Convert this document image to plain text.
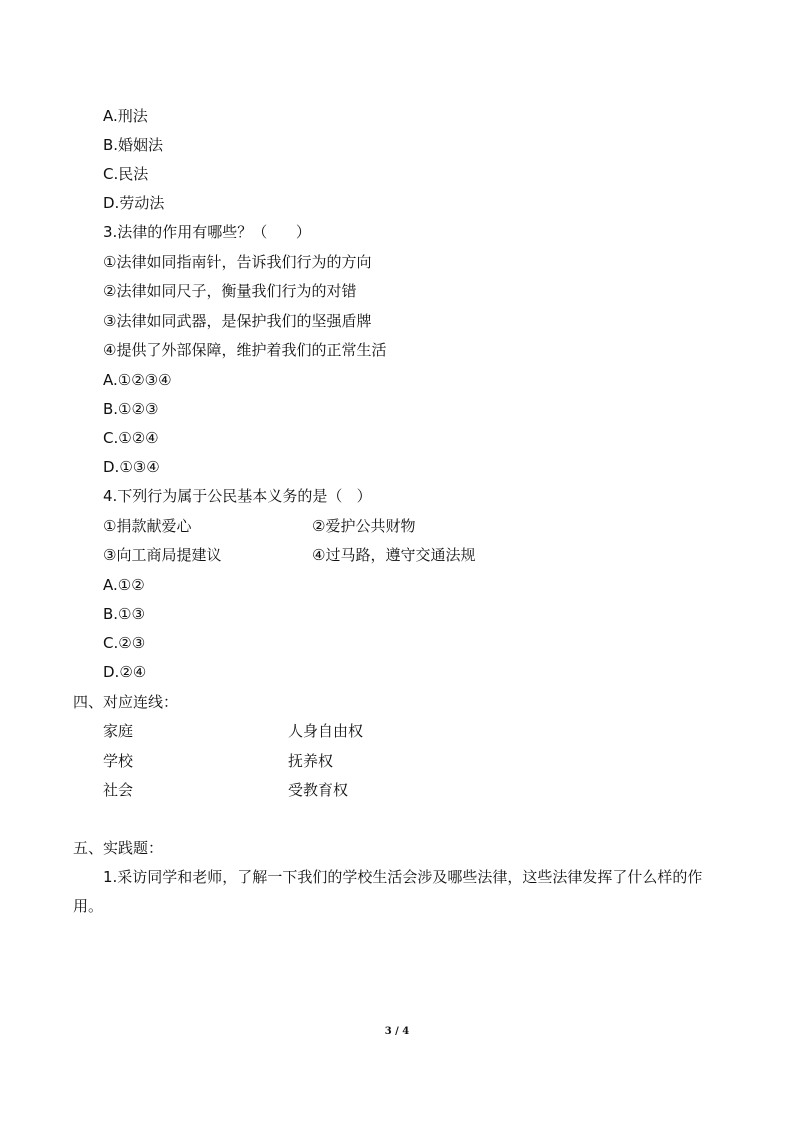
A.刑法
B.婚姻法
C.民法
D.劳动法
3.法律的作用有哪些？（      ）
①法律如同指南针，告诉我们行为的方向
②法律如同尺子，衡量我们行为的对错
③法律如同武器，是保护我们的坚强盾牌
④提供了外部保障，维护着我们的正常生活
A.①②③④
B.①②③
C.①②④
D.①③④
4.下列行为属于公民基本义务的是（   ）
①捐款献爱心	②爱护公共财物
③向工商局提建议	④过马路，遵守交通法规
A.①②
B.①③
C.②③
D.②④
四、对应连线：
家庭	人身自由权
学校	抚养权
社会	受教育权
五、实践题：
1.采访同学和老师，了解一下我们的学校生活会涉及哪些法律，这些法律发挥了什么样的作用。
3 / 4
